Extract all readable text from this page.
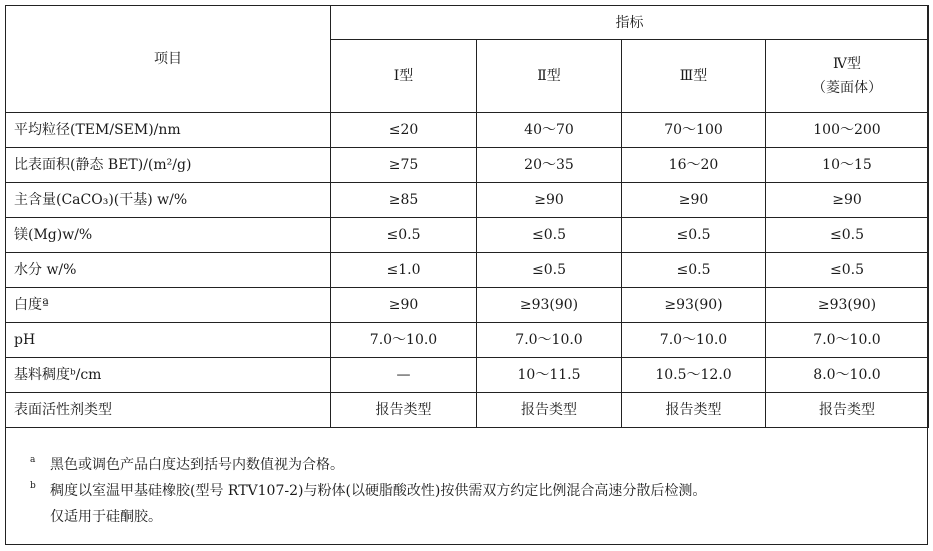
项目	指标			
	Ⅰ型	Ⅱ型	Ⅲ型	Ⅳ型
（菱面体）

平均粒径(TEM/SEM)/nm	≤20	40～70	70～100	100～200
比表面积(静态 BET)/(m²/g)	≥75	20～35	16～20	10～15
主含量(CaCO₃)(干基) w/%	≥85	≥90	≥90	≥90
镁(Mg)w/%	≤0.5	≤0.5	≤0.5	≤0.5
水分 w/%	≤1.0	≤0.5	≤0.5	≤0.5
白度ª	≥90	≥93(90)	≥93(90)	≥93(90)
pH	7.0～10.0	7.0～10.0	7.0～10.0	7.0～10.0
基料稠度ᵇ/cm	—	10～11.5	10.5～12.0	8.0～10.0
表面活性剂类型	报告类型	报告类型	报告类型	报告类型
a 黑色或调色产品白度达到括号内数值视为合格。
b 稠度以室温甲基硅橡胶(型号 RTV107-2)与粉体(以硬脂酸改性)按供需双方约定比例混合高速分散后检测。
仅适用于硅酮胶。
